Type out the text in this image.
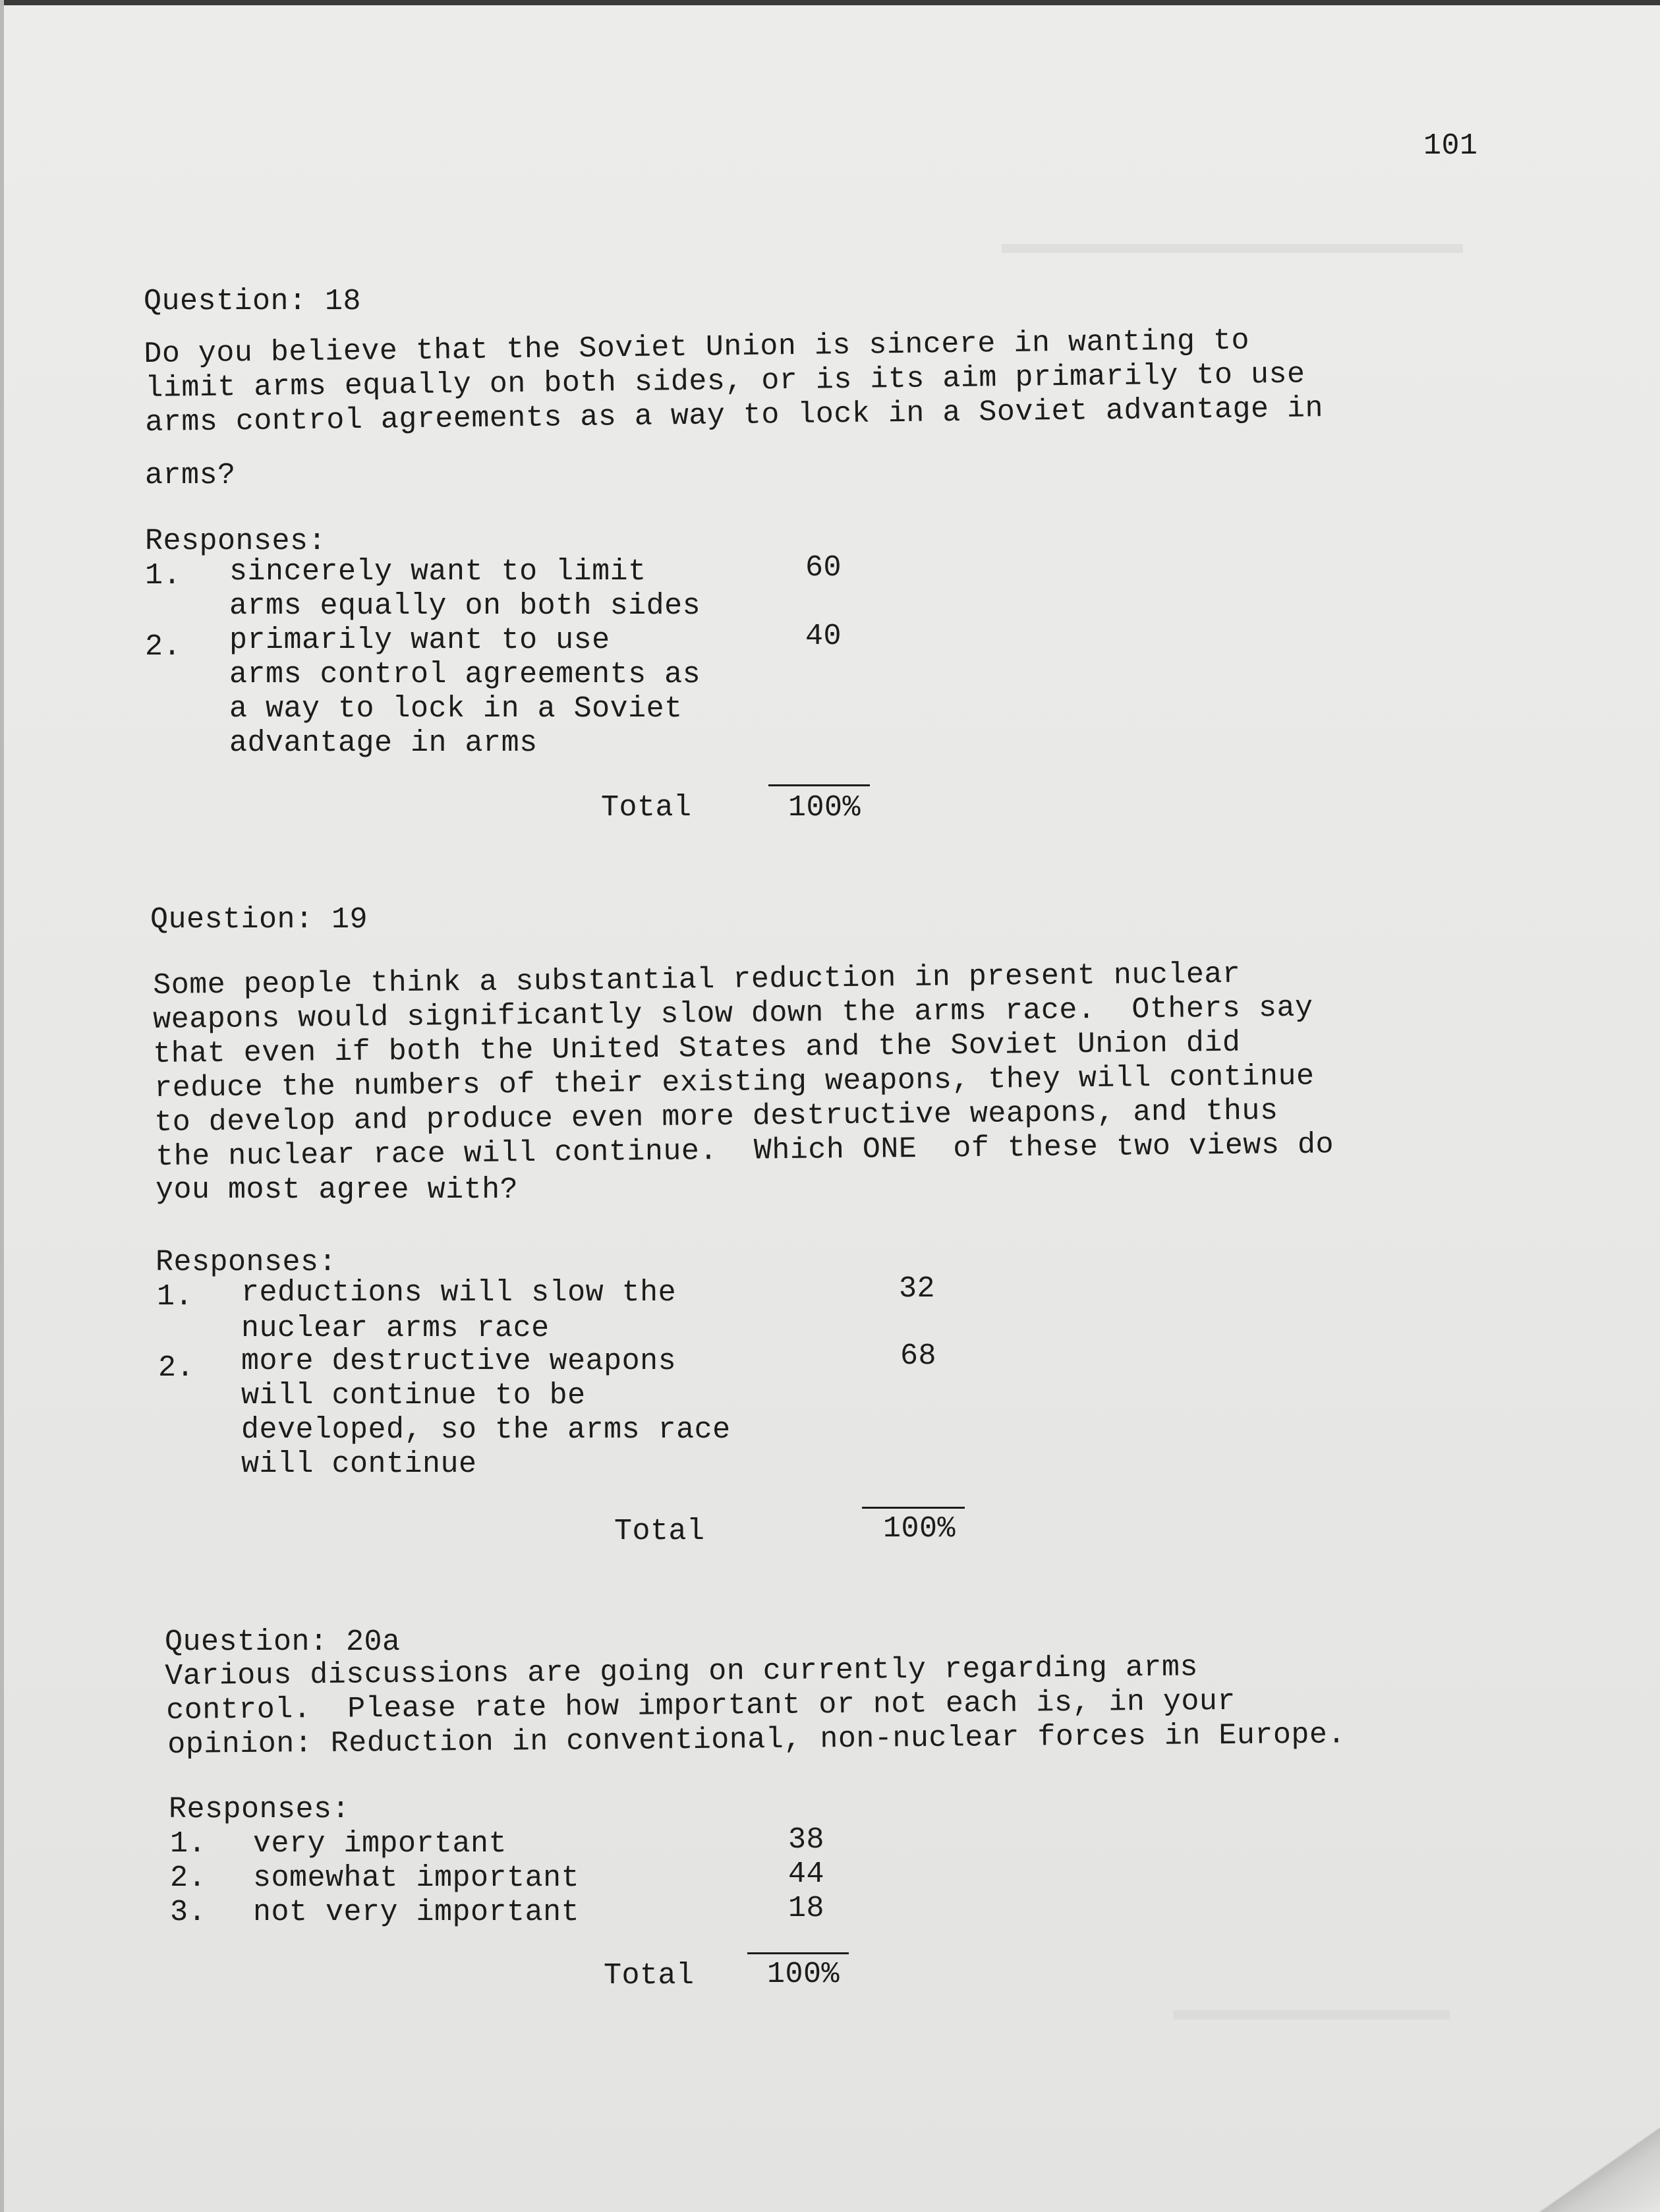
101
Question: 18
Do you believe that the Soviet Union is sincere in wanting to
limit arms equally on both sides, or is its aim primarily to use
arms control agreements as a way to lock in a Soviet advantage in
arms?
Responses:
1. sincerely want to limit
arms equally on both sides
60
2. primarily want to use
arms control agreements as
a way to lock in a Soviet
advantage in arms
40
Total	100%
Question: 19
Some people think a substantial reduction in present nuclear
weapons would significantly slow down the arms race.  Others say
that even if both the United States and the Soviet Union did
reduce the numbers of their existing weapons, they will continue
to develop and produce even more destructive weapons, and thus
the nuclear race will continue.  Which ONE  of these two views do
you most agree with?
Responses:
1. reductions will slow the
nuclear arms race
32
2. more destructive weapons
will continue to be
developed, so the arms race
will continue
68
Total	100%
Question: 20a
Various discussions are going on currently regarding arms
control.  Please rate how important or not each is, in your
opinion: Reduction in conventional, non-nuclear forces in Europe.
Responses:
1. very important	38
2. somewhat important	44
3. not very important	18
Total 100%
